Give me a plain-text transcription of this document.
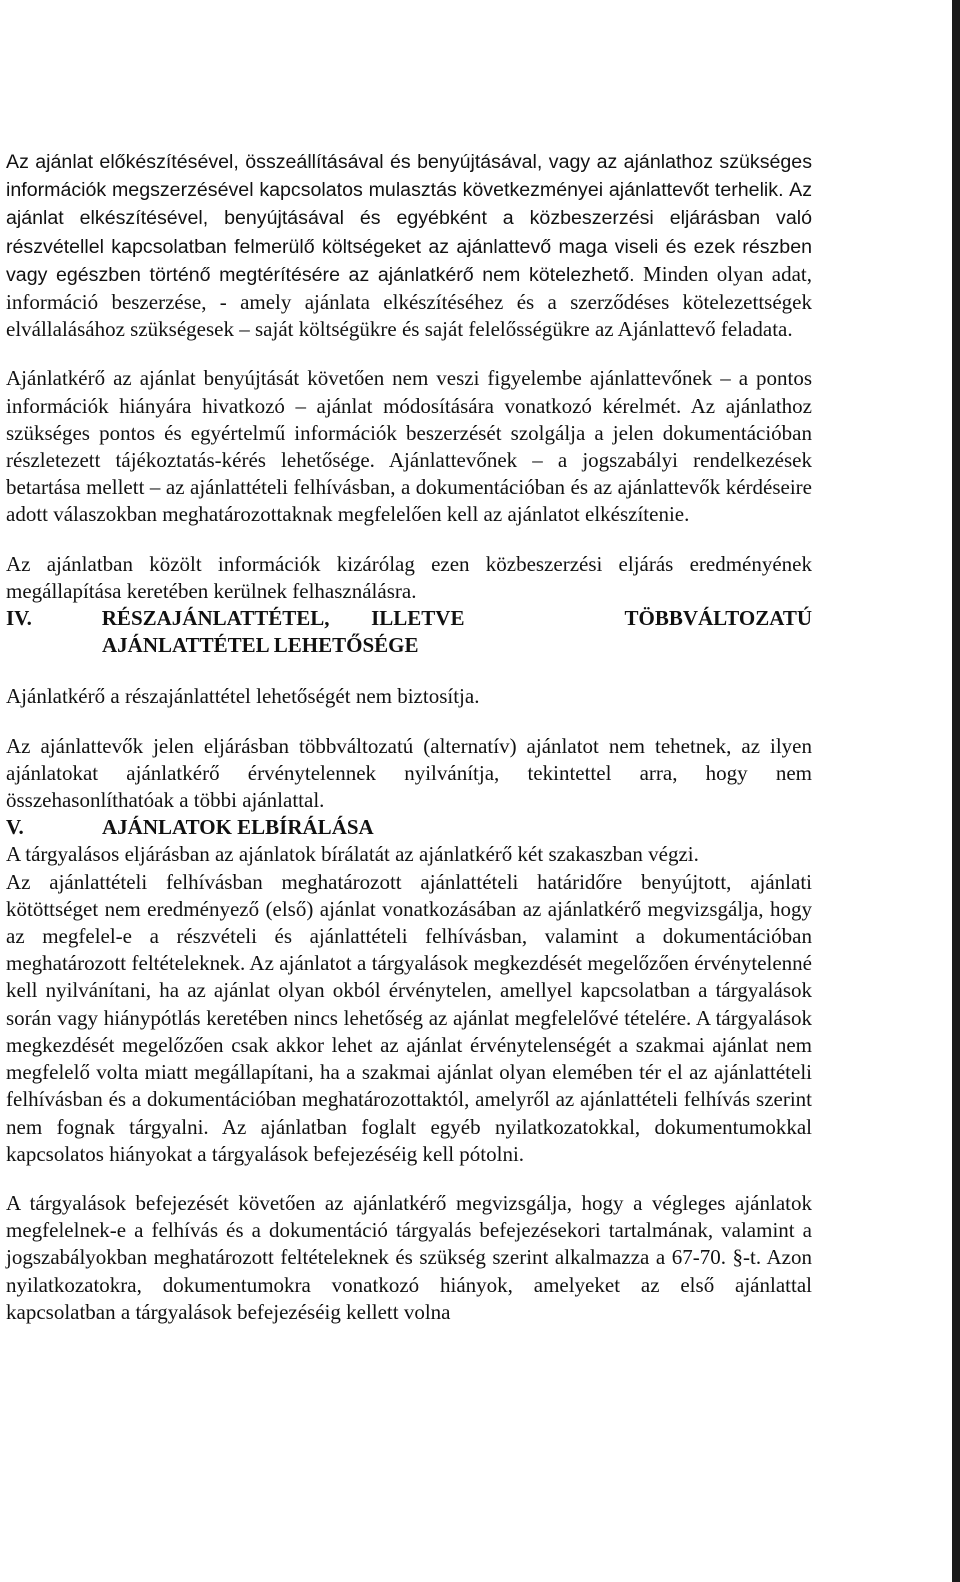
Az ajánlat előkészítésével, összeállításával és benyújtásával, vagy az ajánlathoz szükséges információk megszerzésével kapcsolatos mulasztás következményei ajánlattevőt terhelik. Az ajánlat elkészítésével, benyújtásával és egyébként a közbeszerzési eljárásban való részvétellel kapcsolatban felmerülő költségeket az ajánlattevő maga viseli és ezek részben vagy egészben történő megtérítésére az ajánlatkérő nem kötelezhető. Minden olyan adat, információ beszerzése, - amely ajánlata elkészítéséhez és a szerződéses kötelezettségek elvállalásához szükségesek – saját költségükre és saját felelősségükre az Ajánlattevő feladata.

Ajánlatkérő az ajánlat benyújtását követően nem veszi figyelembe ajánlattevőnek – a pontos információk hiányára hivatkozó – ajánlat módosítására vonatkozó kérelmét. Az ajánlathoz szükséges pontos és egyértelmű információk beszerzését szolgálja a jelen dokumentációban részletezett tájékoztatás-kérés lehetősége. Ajánlattevőnek – a jogszabályi rendelkezések betartása mellett – az ajánlattételi felhívásban, a dokumentációban és az ajánlattevők kérdéseire adott válaszokban meghatározottaknak megfelelően kell az ajánlatot elkészítenie.

Az ajánlatban közölt információk kizárólag ezen közbeszerzési eljárás eredményének megállapítása keretében kerülnek felhasználásra.

IV.	RÉSZAJÁNLATTÉTEL,	ILLETVE	TÖBBVÁLTOZATÚ
AJÁNLATTÉTEL LEHETŐSÉGE

Ajánlatkérő a részajánlattétel lehetőségét nem biztosítja.

Az ajánlattevők jelen eljárásban többváltozatú (alternatív) ajánlatot nem tehetnek, az ilyen ajánlatokat ajánlatkérő érvénytelennek nyilvánítja, tekintettel arra, hogy nem összehasonlíthatóak a többi ajánlattal.

V.	AJÁNLATOK ELBÍRÁLÁSA

A tárgyalásos eljárásban az ajánlatok bírálatát az ajánlatkérő két szakaszban végzi.

Az ajánlattételi felhívásban meghatározott ajánlattételi határidőre benyújtott, ajánlati kötöttséget nem eredményező (első) ajánlat vonatkozásában az ajánlatkérő megvizsgálja, hogy az megfelel-e a részvételi és ajánlattételi felhívásban, valamint a dokumentációban meghatározott feltételeknek. Az ajánlatot a tárgyalások megkezdését megelőzően érvénytelenné kell nyilvánítani, ha az ajánlat olyan okból érvénytelen, amellyel kapcsolatban a tárgyalások során vagy hiánypótlás keretében nincs lehetőség az ajánlat megfelelővé tételére. A tárgyalások megkezdését megelőzően csak akkor lehet az ajánlat érvénytelenségét a szakmai ajánlat nem megfelelő volta miatt megállapítani, ha a szakmai ajánlat olyan elemében tér el az ajánlattételi felhívásban és a dokumentációban meghatározottaktól, amelyről az ajánlattételi felhívás szerint nem fognak tárgyalni. Az ajánlatban foglalt egyéb nyilatkozatokkal, dokumentumokkal kapcsolatos hiányokat a tárgyalások befejezéséig kell pótolni.

A tárgyalások befejezését követően az ajánlatkérő megvizsgálja, hogy a végleges ajánlatok megfelelnek-e a felhívás és a dokumentáció tárgyalás befejezésekori tartalmának, valamint a jogszabályokban meghatározott feltételeknek és szükség szerint alkalmazza a 67-70. §-t. Azon nyilatkozatokra, dokumentumokra vonatkozó hiányok, amelyeket az első ajánlattal kapcsolatban a tárgyalások befejezéséig kellett volna
